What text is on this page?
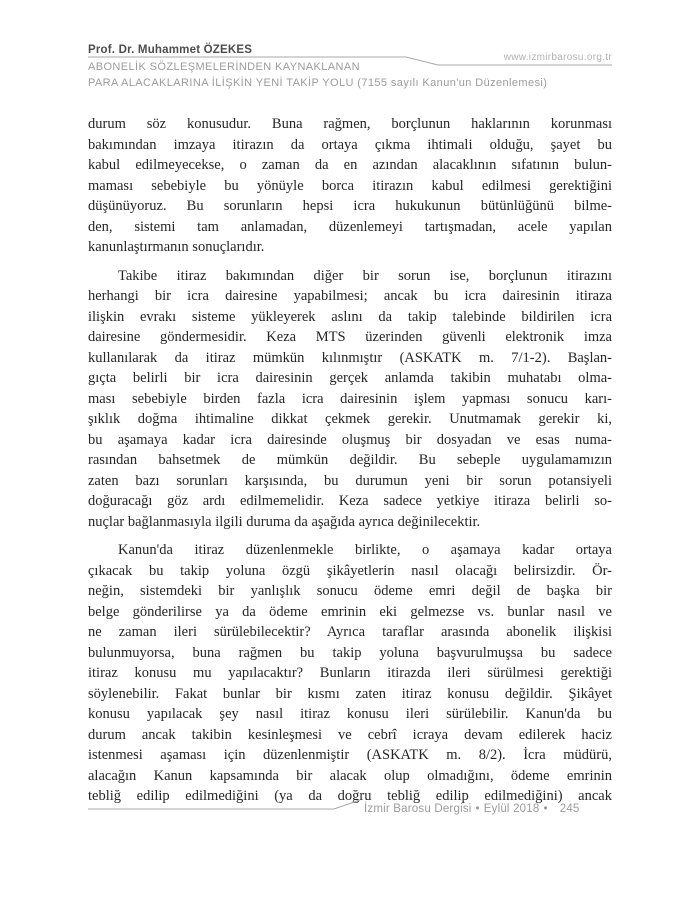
Prof. Dr. Muhammet ÖZEKES
www.izmirbarosu.org.tr
ABONELİK SÖZLEŞMELERİNDEN KAYNAKLANAN
PARA ALACAKLARINA İLİŞKİN YENİ TAKİP YOLU (7155 sayılı Kanun'un Düzenlemesi)
durum söz konusudur. Buna rağmen, borçlunun haklarının korunması
bakımından imzaya itirazın da ortaya çıkma ihtimali olduğu, şayet bu
kabul edilmeyecekse, o zaman da en azından alacaklının sıfatının bulun-
maması sebebiyle bu yönüyle borca itirazın kabul edilmesi gerektiğini
düşünüyoruz. Bu sorunların hepsi icra hukukunun bütünlüğünü bilme-
den, sistemi tam anlamadan, düzenlemeyi tartışmadan, acele yapılan
kanunlaştırmanın sonuçlarıdır.
Takibe itiraz bakımından diğer bir sorun ise, borçlunun itirazını
herhangi bir icra dairesine yapabilmesi; ancak bu icra dairesinin itiraza
ilişkin evrakı sisteme yükleyerek aslını da takip talebinde bildirilen icra
dairesine göndermesidir. Keza MTS üzerinden güvenli elektronik imza
kullanılarak da itiraz mümkün kılınmıştır (ASKATK m. 7/1-2). Başlan-
gıçta belirli bir icra dairesinin gerçek anlamda takibin muhatabı olma-
ması sebebiyle birden fazla icra dairesinin işlem yapması sonucu karı-
şıklık doğma ihtimaline dikkat çekmek gerekir. Unutmamak gerekir ki,
bu aşamaya kadar icra dairesinde oluşmuş bir dosyadan ve esas numa-
rasından bahsetmek de mümkün değildir. Bu sebeple uygulamamızın
zaten bazı sorunları karşısında, bu durumun yeni bir sorun potansiyeli
doğuracağı göz ardı edilmemelidir. Keza sadece yetkiye itiraza belirli so-
nuçlar bağlanmasıyla ilgili duruma da aşağıda ayrıca değinilecektir.
Kanun'da itiraz düzenlenmekle birlikte, o aşamaya kadar ortaya
çıkacak bu takip yoluna özgü şikâyetlerin nasıl olacağı belirsizdir. Ör-
neğin, sistemdeki bir yanlışlık sonucu ödeme emri değil de başka bir
belge gönderilirse ya da ödeme emrinin eki gelmezse vs. bunlar nasıl ve
ne zaman ileri sürülebilecektir? Ayrıca taraflar arasında abonelik ilişkisi
bulunmuyorsa, buna rağmen bu takip yoluna başvurulmuşsa bu sadece
itiraz konusu mu yapılacaktır? Bunların itirazda ileri sürülmesi gerektiği
söylenebilir. Fakat bunlar bir kısmı zaten itiraz konusu değildir. Şikâyet
konusu yapılacak şey nasıl itiraz konusu ileri sürülebilir. Kanun'da bu
durum ancak takibin kesinleşmesi ve cebrî icraya devam edilerek haciz
istenmesi aşaması için düzenlenmiştir (ASKATK m. 8/2). İcra müdürü,
alacağın Kanun kapsamında bir alacak olup olmadığını, ödeme emrinin
tebliğ edilip edilmediğini (ya da doğru tebliğ edilip edilmediğini) ancak
İzmir Barosu Dergisi • Eylül 2018 • 245
